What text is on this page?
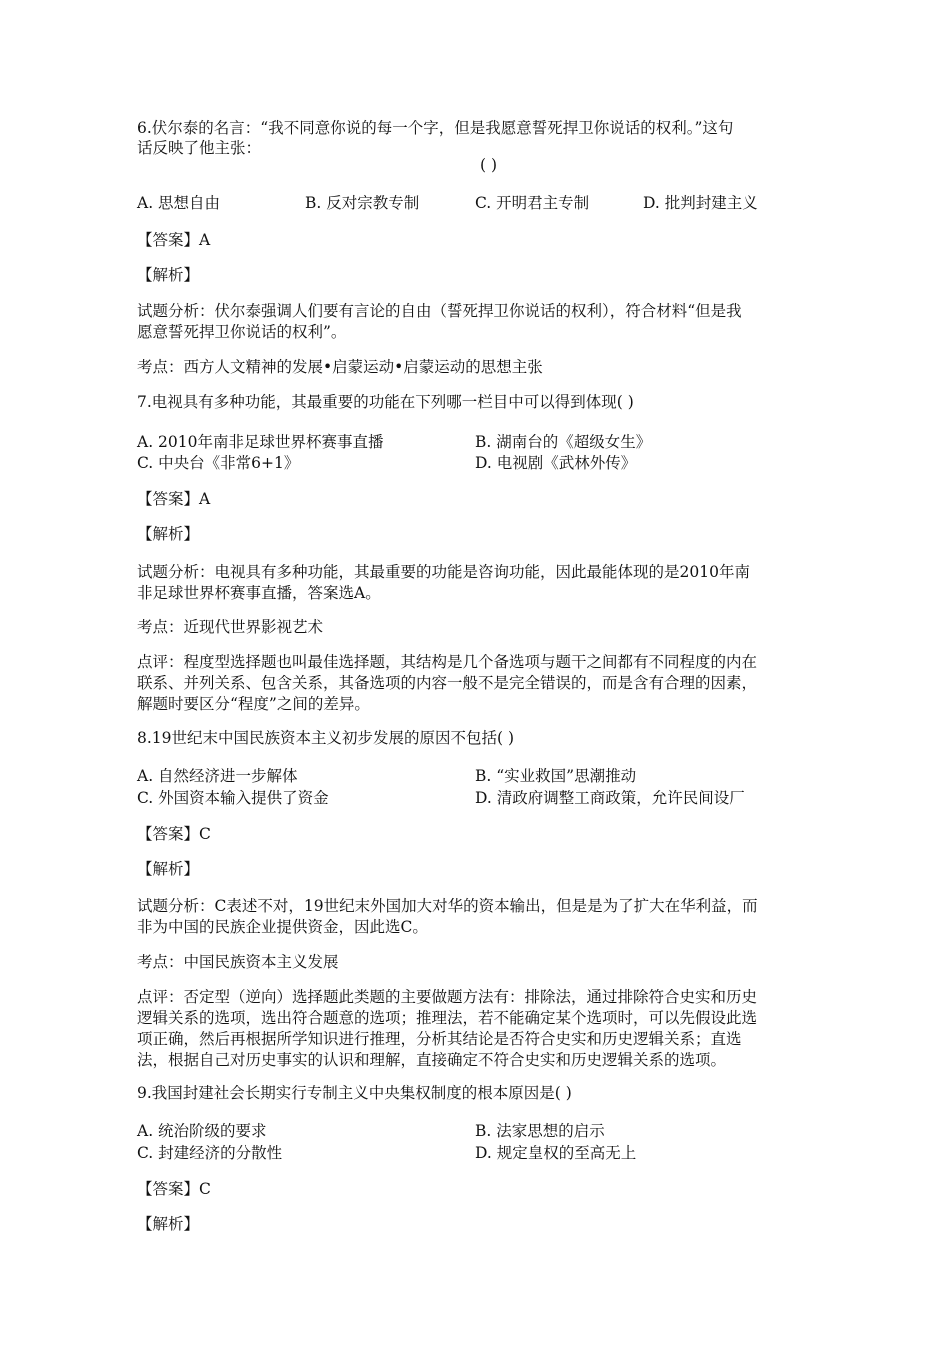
6.伏尔泰的名言：“我不同意你说的每一个字，但是我愿意誓死捍卫你说话的权利。”这句
话反映了他主张：
( )
A. 思想自由	B. 反对宗教专制	C. 开明君主专制	D. 批判封建主义
【答案】A
【解析】
试题分析：伏尔泰强调人们要有言论的自由（誓死捍卫你说话的权利），符合材料“但是我
愿意誓死捍卫你说话的权利”。
考点：西方人文精神的发展•启蒙运动•启蒙运动的思想主张
7.电视具有多种功能，其最重要的功能在下列哪一栏目中可以得到体现( )
A. 2010年南非足球世界杯赛事直播	B. 湖南台的《超级女生》
C. 中央台《非常6+1》	D. 电视剧《武林外传》
【答案】A
【解析】
试题分析：电视具有多种功能，其最重要的功能是咨询功能，因此最能体现的是2010年南
非足球世界杯赛事直播，答案选A。
考点：近现代世界影视艺术
点评：程度型选择题也叫最佳选择题，其结构是几个备选项与题干之间都有不同程度的内在
联系、并列关系、包含关系，其备选项的内容一般不是完全错误的，而是含有合理的因素，
解题时要区分“程度”之间的差异。
8.19世纪末中国民族资本主义初步发展的原因不包括( )
A. 自然经济进一步解体	B. “实业救国”思潮推动
C. 外国资本输入提供了资金	D. 清政府调整工商政策，允许民间设厂
【答案】C
【解析】
试题分析：C表述不对，19世纪末外国加大对华的资本输出，但是是为了扩大在华利益，而
非为中国的民族企业提供资金，因此选C。
考点：中国民族资本主义发展
点评：否定型（逆向）选择题此类题的主要做题方法有：排除法，通过排除符合史实和历史
逻辑关系的选项，选出符合题意的选项；推理法，若不能确定某个选项时，可以先假设此选
项正确，然后再根据所学知识进行推理，分析其结论是否符合史实和历史逻辑关系；直选
法，根据自己对历史事实的认识和理解，直接确定不符合史实和历史逻辑关系的选项。
9.我国封建社会长期实行专制主义中央集权制度的根本原因是( )
A. 统治阶级的要求	B. 法家思想的启示
C. 封建经济的分散性	D. 规定皇权的至高无上
【答案】C
【解析】
